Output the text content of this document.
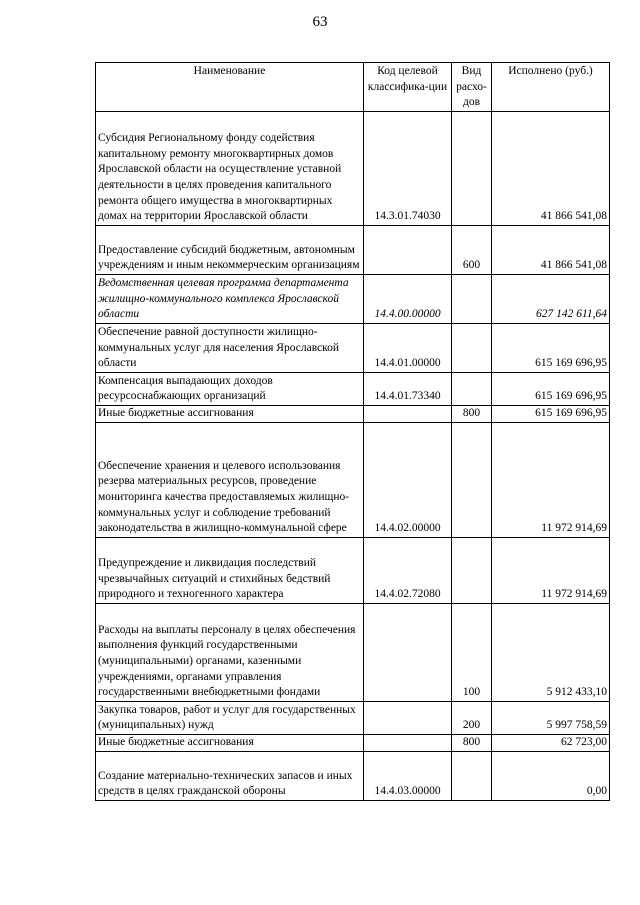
63
Наименование	Код целевой классифика-ции	Вид расхо-дов	Исполнено (руб.)
Субсидия Региональному фонду содействия капитальному ремонту многоквартирных домов Ярославской области на осуществление уставной деятельности в целях проведения капитального ремонта общего имущества в многоквартирных домах на территории Ярославской области	14.3.01.74030		41 866 541,08
Предоставление субсидий бюджетным, автономным учреждениям и иным некоммерческим организациям		600	41 866 541,08
Ведомственная целевая программа департамента жилищно-коммунального комплекса Ярославской области	14.4.00.00000		627 142 611,64
Обеспечение равной доступности жилищно-коммунальных услуг для населения Ярославской области	14.4.01.00000		615 169 696,95
Компенсация выпадающих доходов ресурсоснабжающих организаций	14.4.01.73340		615 169 696,95
Иные бюджетные ассигнования		800	615 169 696,95
Обеспечение хранения и целевого использования резерва материальных ресурсов, проведение мониторинга качества предоставляемых жилищно-коммунальных услуг и соблюдение требований законодательства в жилищно-коммунальной сфере	14.4.02.00000		11 972 914,69
Предупреждение и ликвидация последствий чрезвычайных ситуаций и стихийных бедствий природного и техногенного характера	14.4.02.72080		11 972 914,69
Расходы на выплаты персоналу в целях обеспечения выполнения функций государственными (муниципальными) органами, казенными учреждениями, органами управления государственными внебюджетными фондами		100	5 912 433,10
Закупка товаров, работ и услуг для государственных (муниципальных) нужд		200	5 997 758,59
Иные бюджетные ассигнования		800	62 723,00
Создание материально-технических запасов и иных средств в целях гражданской обороны	14.4.03.00000		0,00
